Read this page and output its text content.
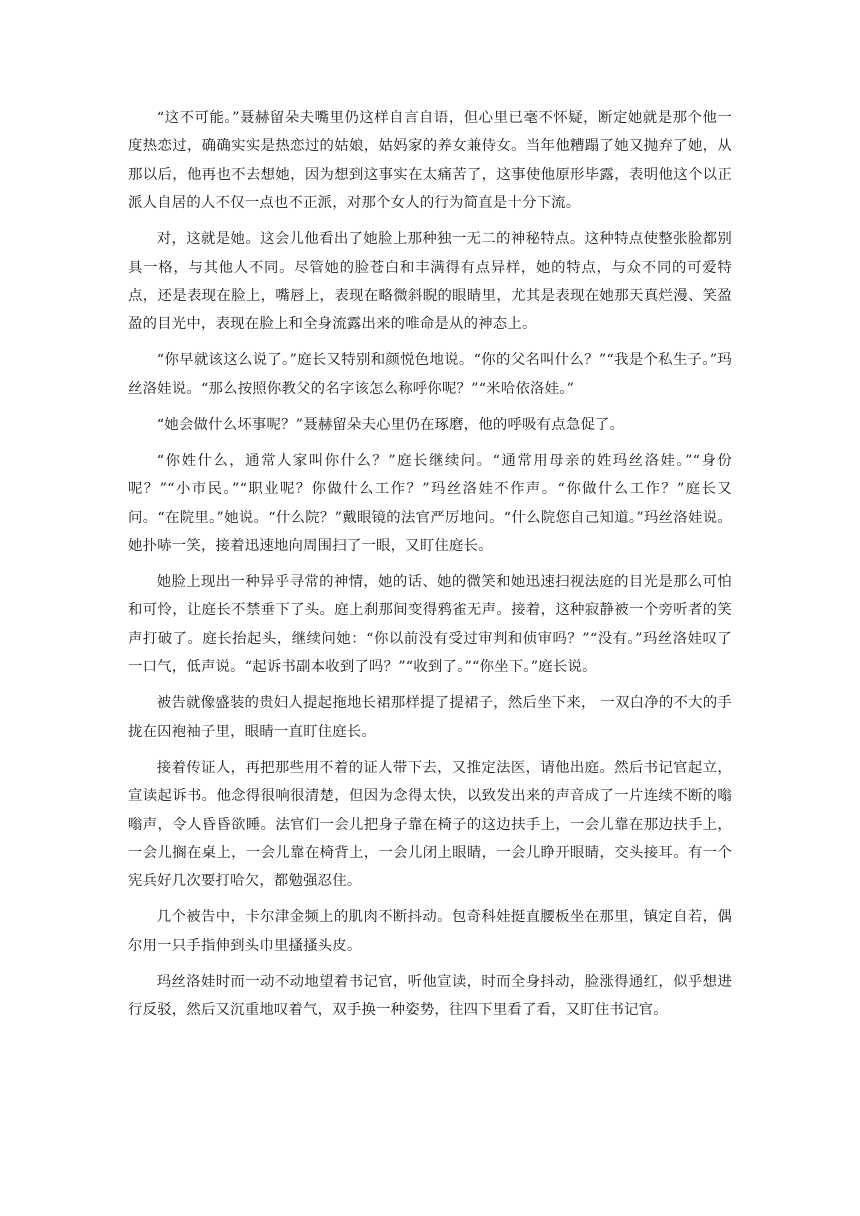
“这不可能。”聂赫留朵夫嘴里仍这样自言自语，但心里已毫不怀疑，断定她就是那个他一度热恋过，确确实实是热恋过的姑娘，姑妈家的养女兼侍女。当年他糟蹋了她又抛弃了她，从那以后，他再也不去想她，因为想到这事实在太痛苦了，这事使他原形毕露，表明他这个以正派人自居的人不仅一点也不正派，对那个女人的行为简直是十分下流。

对，这就是她。这会儿他看出了她脸上那种独一无二的神秘特点。这种特点使整张脸都别具一格，与其他人不同。尽管她的脸苍白和丰满得有点异样，她的特点，与众不同的可爱特点，还是表现在脸上，嘴唇上，表现在略微斜睨的眼睛里，尤其是表现在她那天真烂漫、笑盈盈的目光中，表现在脸上和全身流露出来的唯命是从的神态上。

“你早就该这么说了。”庭长又特别和颜悦色地说。“你的父名叫什么？”“我是个私生子。”玛丝洛娃说。“那么按照你教父的名字该怎么称呼你呢？”“米哈依洛娃。”

“她会做什么坏事呢？”聂赫留朵夫心里仍在琢磨，他的呼吸有点急促了。

“你姓什么，通常人家叫你什么？”庭长继续问。“通常用母亲的姓玛丝洛娃。”“身份呢？”“小市民。”“职业呢？你做什么工作？”玛丝洛娃不作声。“你做什么工作？”庭长又问。“在院里。”她说。“什么院？”戴眼镜的法官严厉地问。“什么院您自己知道。”玛丝洛娃说。她扑哧一笑，接着迅速地向周围扫了一眼，又盯住庭长。

她脸上现出一种异乎寻常的神情，她的话、她的微笑和她迅速扫视法庭的目光是那么可怕和可怜，让庭长不禁垂下了头。庭上刹那间变得鸦雀无声。接着，这种寂静被一个旁听者的笑声打破了。庭长抬起头，继续问她：“你以前没有受过审判和侦审吗？”“没有。”玛丝洛娃叹了一口气，低声说。“起诉书副本收到了吗？”“收到了。”“你坐下。”庭长说。

被告就像盛装的贵妇人提起拖地长裙那样提了提裙子，然后坐下来， 一双白净的不大的手拢在囚袍袖子里，眼睛一直盯住庭长。

接着传证人，再把那些用不着的证人带下去，又推定法医，请他出庭。然后书记官起立，宣读起诉书。他念得很响很清楚，但因为念得太快，以致发出来的声音成了一片连续不断的嗡嗡声，令人昏昏欲睡。法官们一会儿把身子靠在椅子的这边扶手上，一会儿靠在那边扶手上，一会儿搁在桌上，一会儿靠在椅背上，一会儿闭上眼睛，一会儿睁开眼睛，交头接耳。有一个宪兵好几次要打哈欠，都勉强忍住。

几个被告中，卡尔津金频上的肌肉不断抖动。包奇科娃挺直腰板坐在那里，镇定自若，偶尔用一只手指伸到头巾里搔搔头皮。

玛丝洛娃时而一动不动地望着书记官，听他宣读，时而全身抖动，脸涨得通红，似乎想进行反驳，然后又沉重地叹着气，双手换一种姿势，往四下里看了看，又盯住书记官。
